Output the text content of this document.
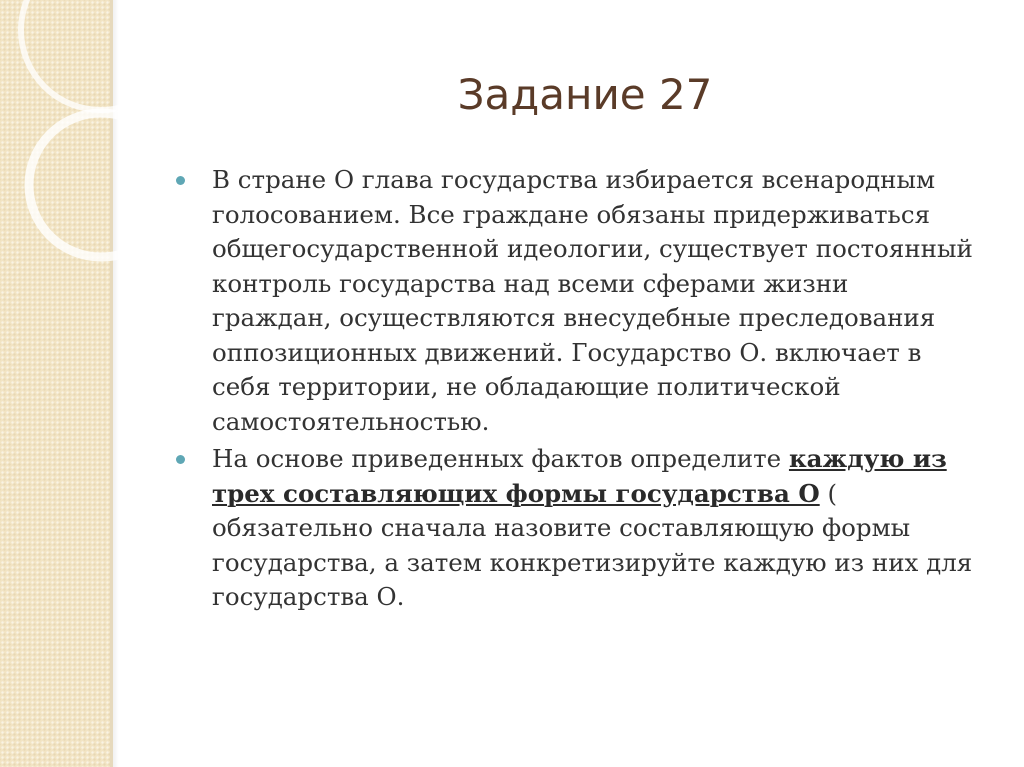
Задание 27

В стране О глава государства избирается всенародным голосованием. Все граждане обязаны придерживаться общегосударственной идеологии, существует постоянный контроль государства над всеми сферами жизни граждан, осуществляются внесудебные преследования оппозиционных движений. Государство О. включает в себя территории, не обладающие политической самостоятельностью.

На основе приведенных фактов определите каждую из трех составляющих формы государства О ( обязательно сначала назовите составляющую формы государства, а затем конкретизируйте каждую из них для государства О.
